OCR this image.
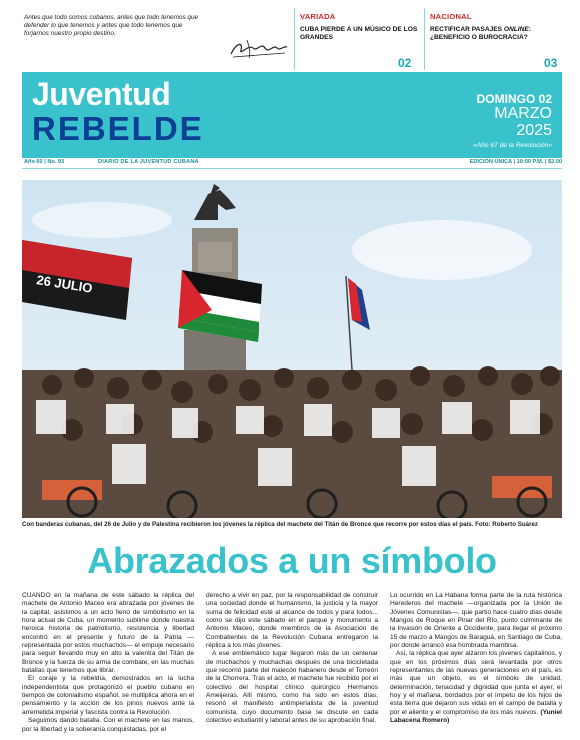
Antes que todo somos cubanos, antes que todo tenemos que defender lo que tenemos y antes que todo tenemos que forjarnos nuestro propio destino.
VARIADA
CUBA PIERDE A UN MÚSICO DE LOS GRANDES
02
NACIONAL
RECTIFICAR PASAJES ONLINE: ¿BENEFICIO O BUROCRACIA?
03
Juventud
REBELDE
DOMINGO 02
MARZO
2025
«Año 67 de la Revolución»
Año 60 | No. 93	DIARIO DE LA JUVENTUD CUBANA	EDICIÓN ÚNICA | 10:00 P.M. | $2.00
26 JULIO
Con banderas cubanas, del 26 de Julio y de Palestina recibieron los jóvenes la réplica del machete del Titán de Bronce que recorre por estos días el país. Foto: Roberto Suárez
Abrazados a un símbolo

CUANDO en la mañana de este sábado la réplica del machete de Antonio Maceo era abrazada por jóvenes de la capital, asistimos a un acto lleno de simbolismo en la hora actual de Cuba, un momento sublime donde nuestra heroica historia de patriotismo, resistencia y libertad encontró en el presente y futuro de la Patria —representada por estos muchachos— el empuje necesario para seguir llevando muy en alto la valentía del Titán de Bronce y la fuerza de su arma de combate, en las muchas batallas que tenemos que librar.

El coraje y la rebeldía, demostrados en la lucha independentista que protagonizó el pueblo cubano en tiempos de colonialismo español, se multiplica ahora en el pensamiento y la acción de los pinos nuevos ante la arremetida imperial y fascista contra la Revolución.

Seguimos dando batalla. Con el machete en las manos, por la libertad y la soberanía conquistadas, por el

derecho a vivir en paz, por la responsabilidad de construir una sociedad donde el humanismo, la justicia y la mayor suma de felicidad esté al alcance de todos y para todos... como se dijo este sábado en el parque y monumento a Antonio Maceo, donde miembros de la Asociación de Combatientes de la Revolución Cubana entregaron la réplica a los más jóvenes.

A ese emblemático lugar llegaron más de un centenar de muchachos y muchachas después de una bicicletada que recorrió parte del malecón habanero desde el Torreón de la Chorrera. Tras el acto, el machete fue recibido por el colectivo del hospital clínico quirúrgico Hermanos Ameijeiras. Allí mismo, como ha sido en estos días, resonó el manifiesto antimperialista de la juventud comunista, cuyo documento base se discute en cada colectivo estudiantil y laboral antes de su aprobación final.

Lo ocurrido en La Habana forma parte de la ruta histórica Herederos del machete —organizada por la Unión de Jóvenes Comunistas—, que partió hace cuatro días desde Mangos de Roque en Pinar del Río, punto culminante de la Invasión de Oriente a Occidente, para llegar el próximo 15 de marzo a Mangos de Baraguá, en Santiago de Cuba, por donde arrancó esa hombrada mambisa.

Así, la réplica que ayer alzaron los jóvenes capitalinos, y que en los próximos días será levantada por otros representantes de las nuevas generaciones en el país, es más que un objeto, es el símbolo de unidad, determinación, tenacidad y dignidad que junta el ayer, el hoy y el mañana, bordados por el ímpetu de los hijos de esta tierra que dejaron sus vidas en el campo de batalla y por el aliento y el compromiso de los más nuevos. (Yuniel Labacena Romero)
